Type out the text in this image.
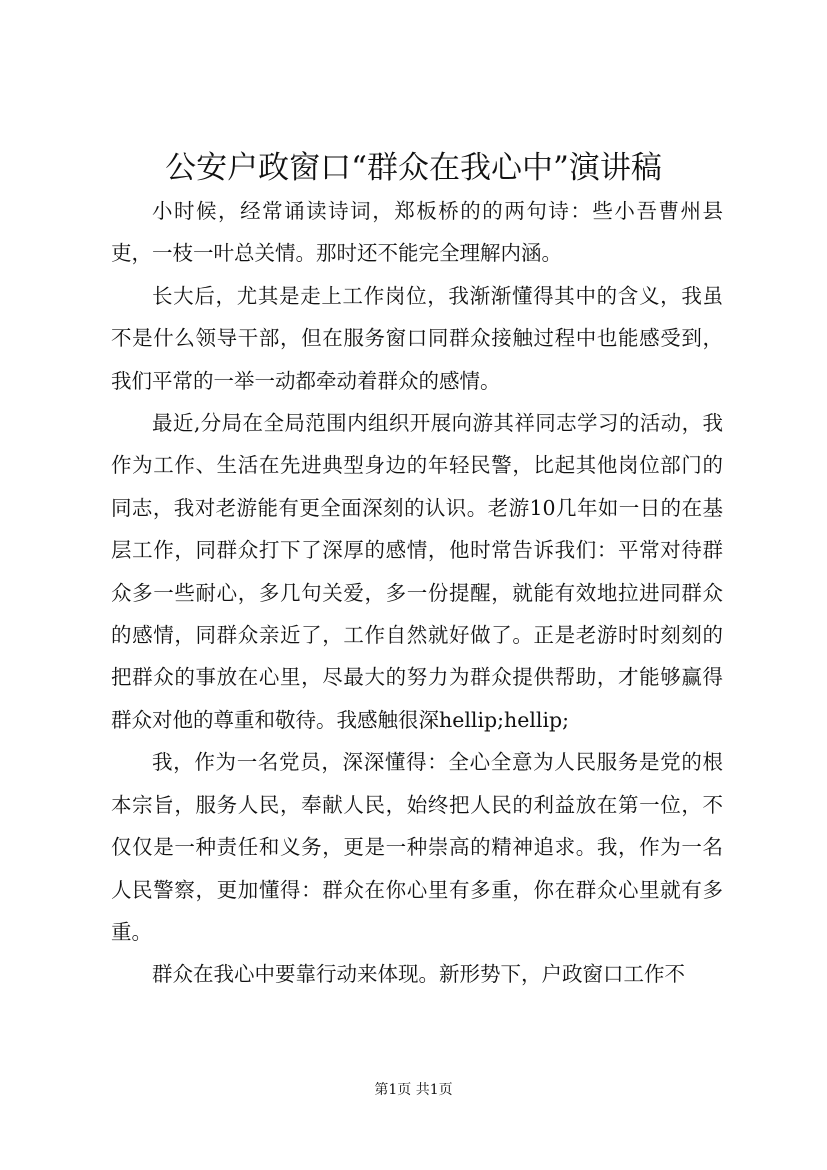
公安户政窗口“群众在我心中”演讲稿

小时候，经常诵读诗词，郑板桥的的两句诗：些小吾曹州县吏，一枝一叶总关情。那时还不能完全理解内涵。

长大后，尤其是走上工作岗位，我渐渐懂得其中的含义，我虽不是什么领导干部，但在服务窗口同群众接触过程中也能感受到，我们平常的一举一动都牵动着群众的感情。

最近,分局在全局范围内组织开展向游其祥同志学习的活动，我作为工作、生活在先进典型身边的年轻民警，比起其他岗位部门的同志，我对老游能有更全面深刻的认识。老游10几年如一日的在基层工作，同群众打下了深厚的感情，他时常告诉我们：平常对待群众多一些耐心，多几句关爱，多一份提醒，就能有效地拉进同群众的感情，同群众亲近了，工作自然就好做了。正是老游时时刻刻的把群众的事放在心里，尽最大的努力为群众提供帮助，才能够赢得群众对他的尊重和敬待。我感触很深hellip;hellip;

我，作为一名党员，深深懂得：全心全意为人民服务是党的根本宗旨，服务人民，奉献人民，始终把人民的利益放在第一位，不仅仅是一种责任和义务，更是一种崇高的精神追求。我，作为一名人民警察，更加懂得：群众在你心里有多重，你在群众心里就有多重。

群众在我心中要靠行动来体现。新形势下，户政窗口工作不

第1页 共1页
